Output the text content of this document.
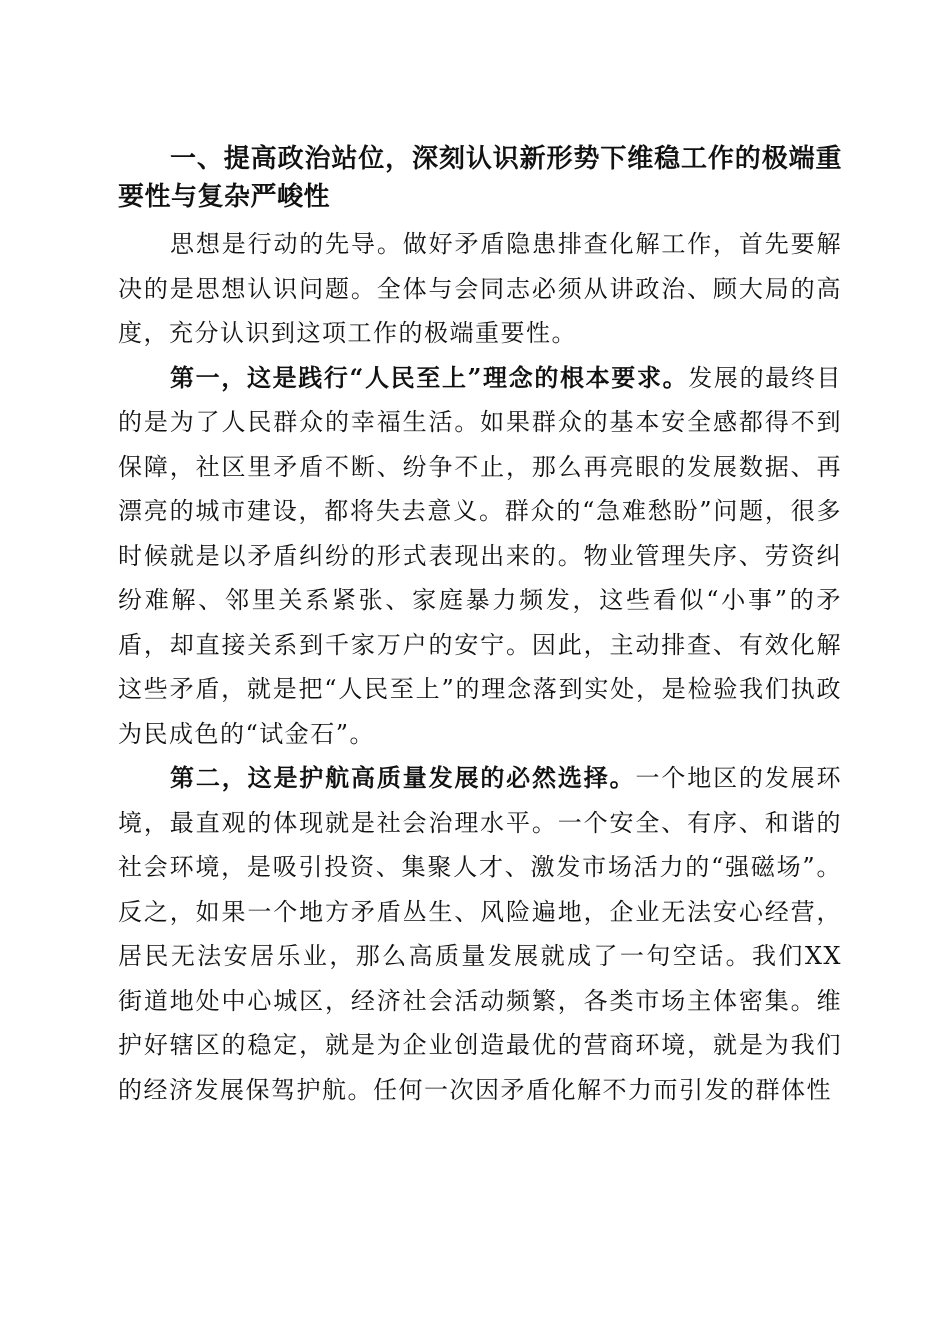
一、提高政治站位，深刻认识新形势下维稳工作的极端重要性与复杂严峻性

思想是行动的先导。做好矛盾隐患排查化解工作，首先要解决的是思想认识问题。全体与会同志必须从讲政治、顾大局的高度，充分认识到这项工作的极端重要性。

第一，这是践行“人民至上”理念的根本要求。发展的最终目的是为了人民群众的幸福生活。如果群众的基本安全感都得不到保障，社区里矛盾不断、纷争不止，那么再亮眼的发展数据、再漂亮的城市建设，都将失去意义。群众的“急难愁盼”问题，很多时候就是以矛盾纠纷的形式表现出来的。物业管理失序、劳资纠纷难解、邻里关系紧张、家庭暴力频发，这些看似“小事”的矛盾，却直接关系到千家万户的安宁。因此，主动排查、有效化解这些矛盾，就是把“人民至上”的理念落到实处，是检验我们执政为民成色的“试金石”。

第二，这是护航高质量发展的必然选择。一个地区的发展环境，最直观的体现就是社会治理水平。一个安全、有序、和谐的社会环境，是吸引投资、集聚人才、激发市场活力的“强磁场”。反之，如果一个地方矛盾丛生、风险遍地，企业无法安心经营，居民无法安居乐业，那么高质量发展就成了一句空话。我们XX街道地处中心城区，经济社会活动频繁，各类市场主体密集。维护好辖区的稳定，就是为企业创造最优的营商环境，就是为我们的经济发展保驾护航。任何一次因矛盾化解不力而引发的群体性
